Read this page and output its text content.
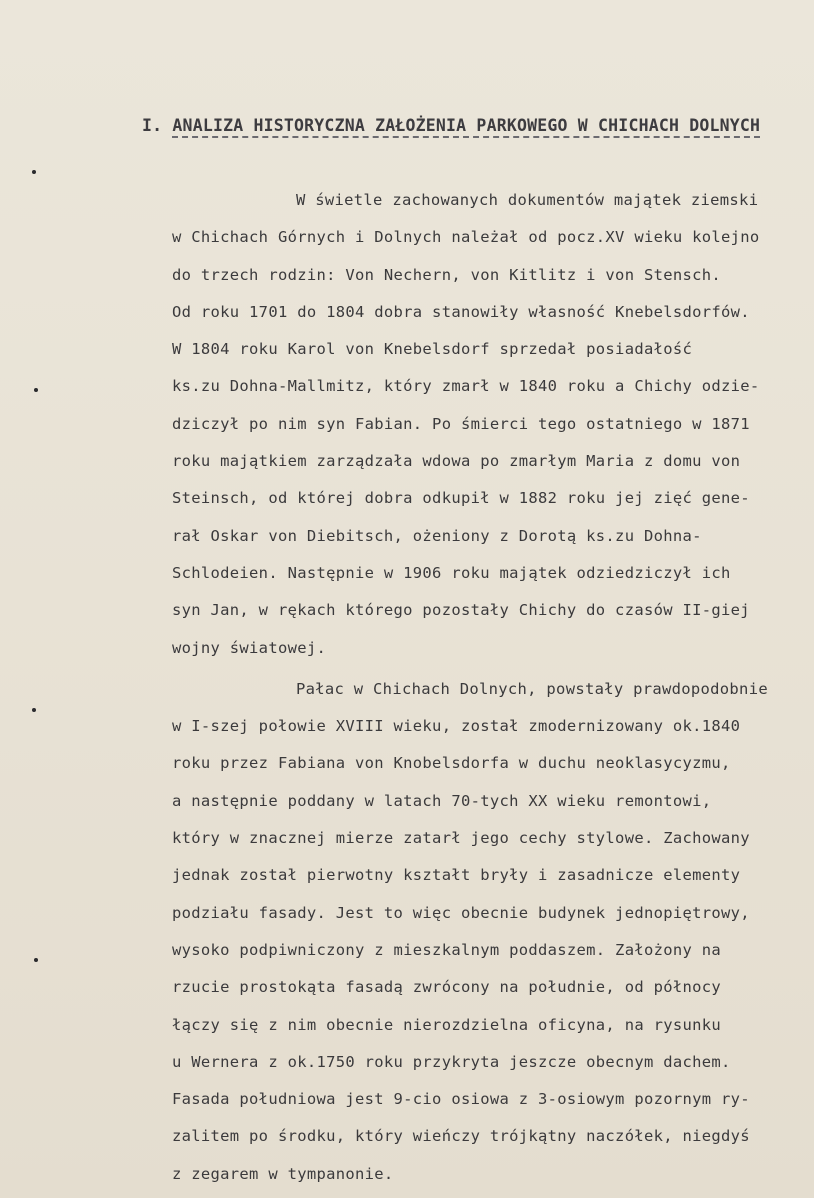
I. ANALIZA HISTORYCZNA ZAŁOŻENIA PARKOWEGO W CHICHACH DOLNYCH
W świetle zachowanych dokumentów majątek ziemski
w Chichach Górnych i Dolnych należał od pocz.XV wieku kolejno
do trzech rodzin: Von Nechern, von Kitlitz i von Stensch.
Od roku 1701 do 1804 dobra stanowiły własność Knebelsdorfów.
W 1804 roku Karol von Knebelsdorf sprzedał posiadałość
ks.zu Dohna-Mallmitz, który zmarł w 1840 roku a Chichy odzie-
dziczył po nim syn Fabian. Po śmierci tego ostatniego w 1871
roku majątkiem zarządzała wdowa po zmarłym Maria z domu von
Steinsch, od której dobra odkupił w 1882 roku jej zięć gene-
rał Oskar von Diebitsch, ożeniony z Dorotą ks.zu Dohna-
Schlodeien. Następnie w 1906 roku majątek odziedziczył ich
syn Jan, w rękach którego pozostały Chichy do czasów II-giej
wojny światowej.
Pałac w Chichach Dolnych, powstały prawdopodobnie
w I-szej połowie XVIII wieku, został zmodernizowany ok.1840
roku przez Fabiana von Knobelsdorfa w duchu neoklasycyzmu,
a następnie poddany w latach 70-tych XX wieku remontowi,
który w znacznej mierze zatarł jego cechy stylowe. Zachowany
jednak został pierwotny kształt bryły i zasadnicze elementy
podziału fasady. Jest to więc obecnie budynek jednopiętrowy,
wysoko podpiwniczony z mieszkalnym poddaszem. Założony na
rzucie prostokąta fasadą zwrócony na południe, od północy
łączy się z nim obecnie nierozdzielna oficyna, na rysunku
u Wernera z ok.1750 roku przykryta jeszcze obecnym dachem.
Fasada południowa jest 9-cio osiowa z 3-osiowym pozornym ry-
zalitem po środku, który wieńczy trójkątny naczółek, niegdyś
z zegarem w tympanonie.
